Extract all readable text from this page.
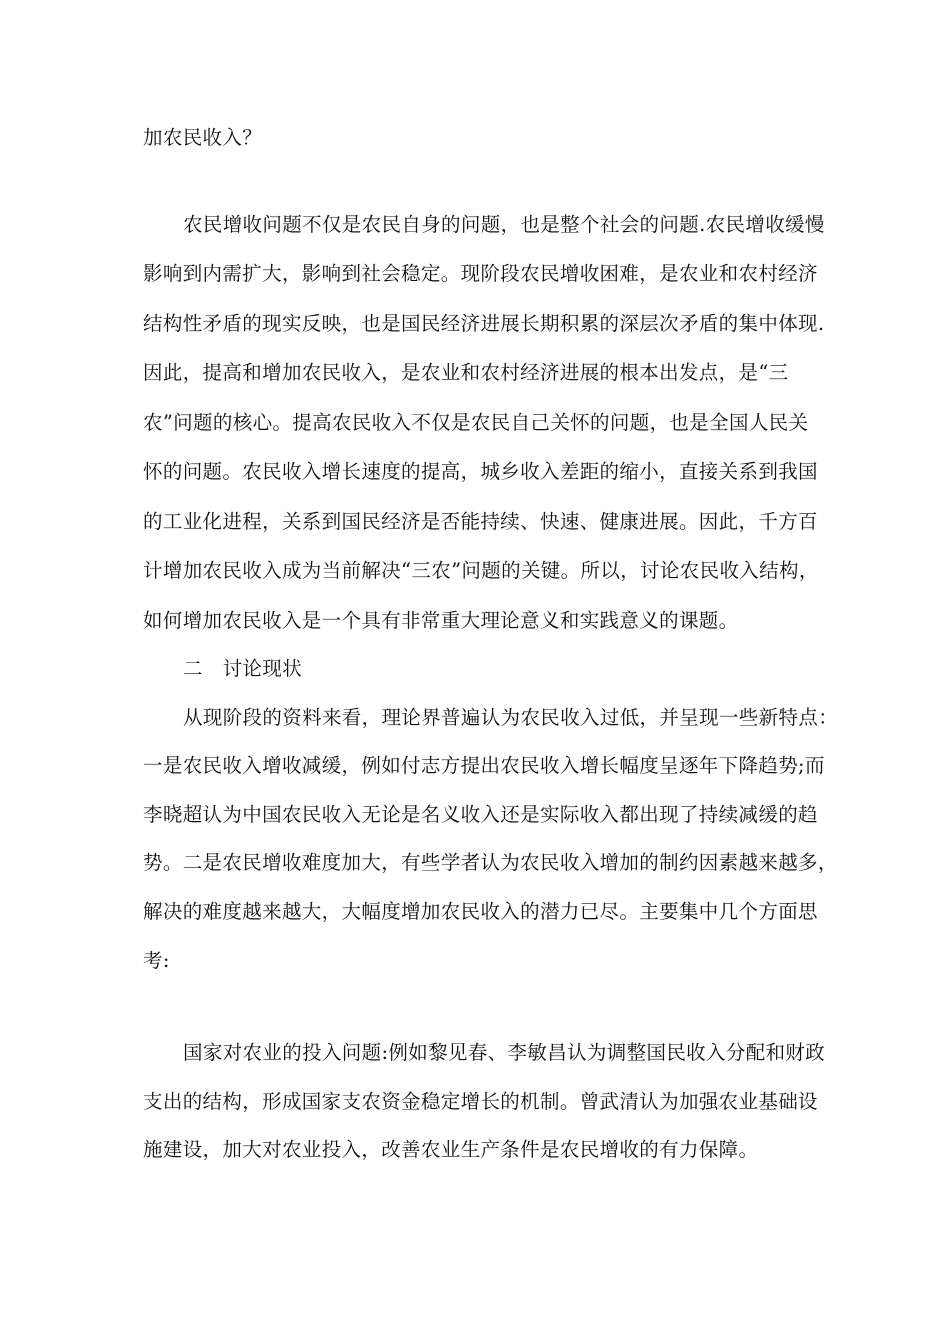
加农民收入？
农民增收问题不仅是农民自身的问题，也是整个社会的问题.农民增收缓慢
影响到内需扩大，影响到社会稳定。现阶段农民增收困难，是农业和农村经济
结构性矛盾的现实反映，也是国民经济进展长期积累的深层次矛盾的集中体现.
因此，提高和增加农民收入，是农业和农村经济进展的根本出发点，是“三
农”问题的核心。提高农民收入不仅是农民自己关怀的问题，也是全国人民关
怀的问题。农民收入增长速度的提高，城乡收入差距的缩小，直接关系到我国
的工业化进程，关系到国民经济是否能持续、快速、健康进展。因此，千方百
计增加农民收入成为当前解决“三农”问题的关键。所以，讨论农民收入结构，
如何增加农民收入是一个具有非常重大理论意义和实践意义的课题。
二　讨论现状
从现阶段的资料来看，理论界普遍认为农民收入过低，并呈现一些新特点：
一是农民收入增收减缓，例如付志方提出农民收入增长幅度呈逐年下降趋势;而
李晓超认为中国农民收入无论是名义收入还是实际收入都出现了持续减缓的趋
势。二是农民增收难度加大，有些学者认为农民收入增加的制约因素越来越多，
解决的难度越来越大，大幅度增加农民收入的潜力已尽。主要集中几个方面思
考:
国家对农业的投入问题:例如黎见春、李敏昌认为调整国民收入分配和财政
支出的结构，形成国家支农资金稳定增长的机制。曾武清认为加强农业基础设
施建设，加大对农业投入，改善农业生产条件是农民增收的有力保障。
